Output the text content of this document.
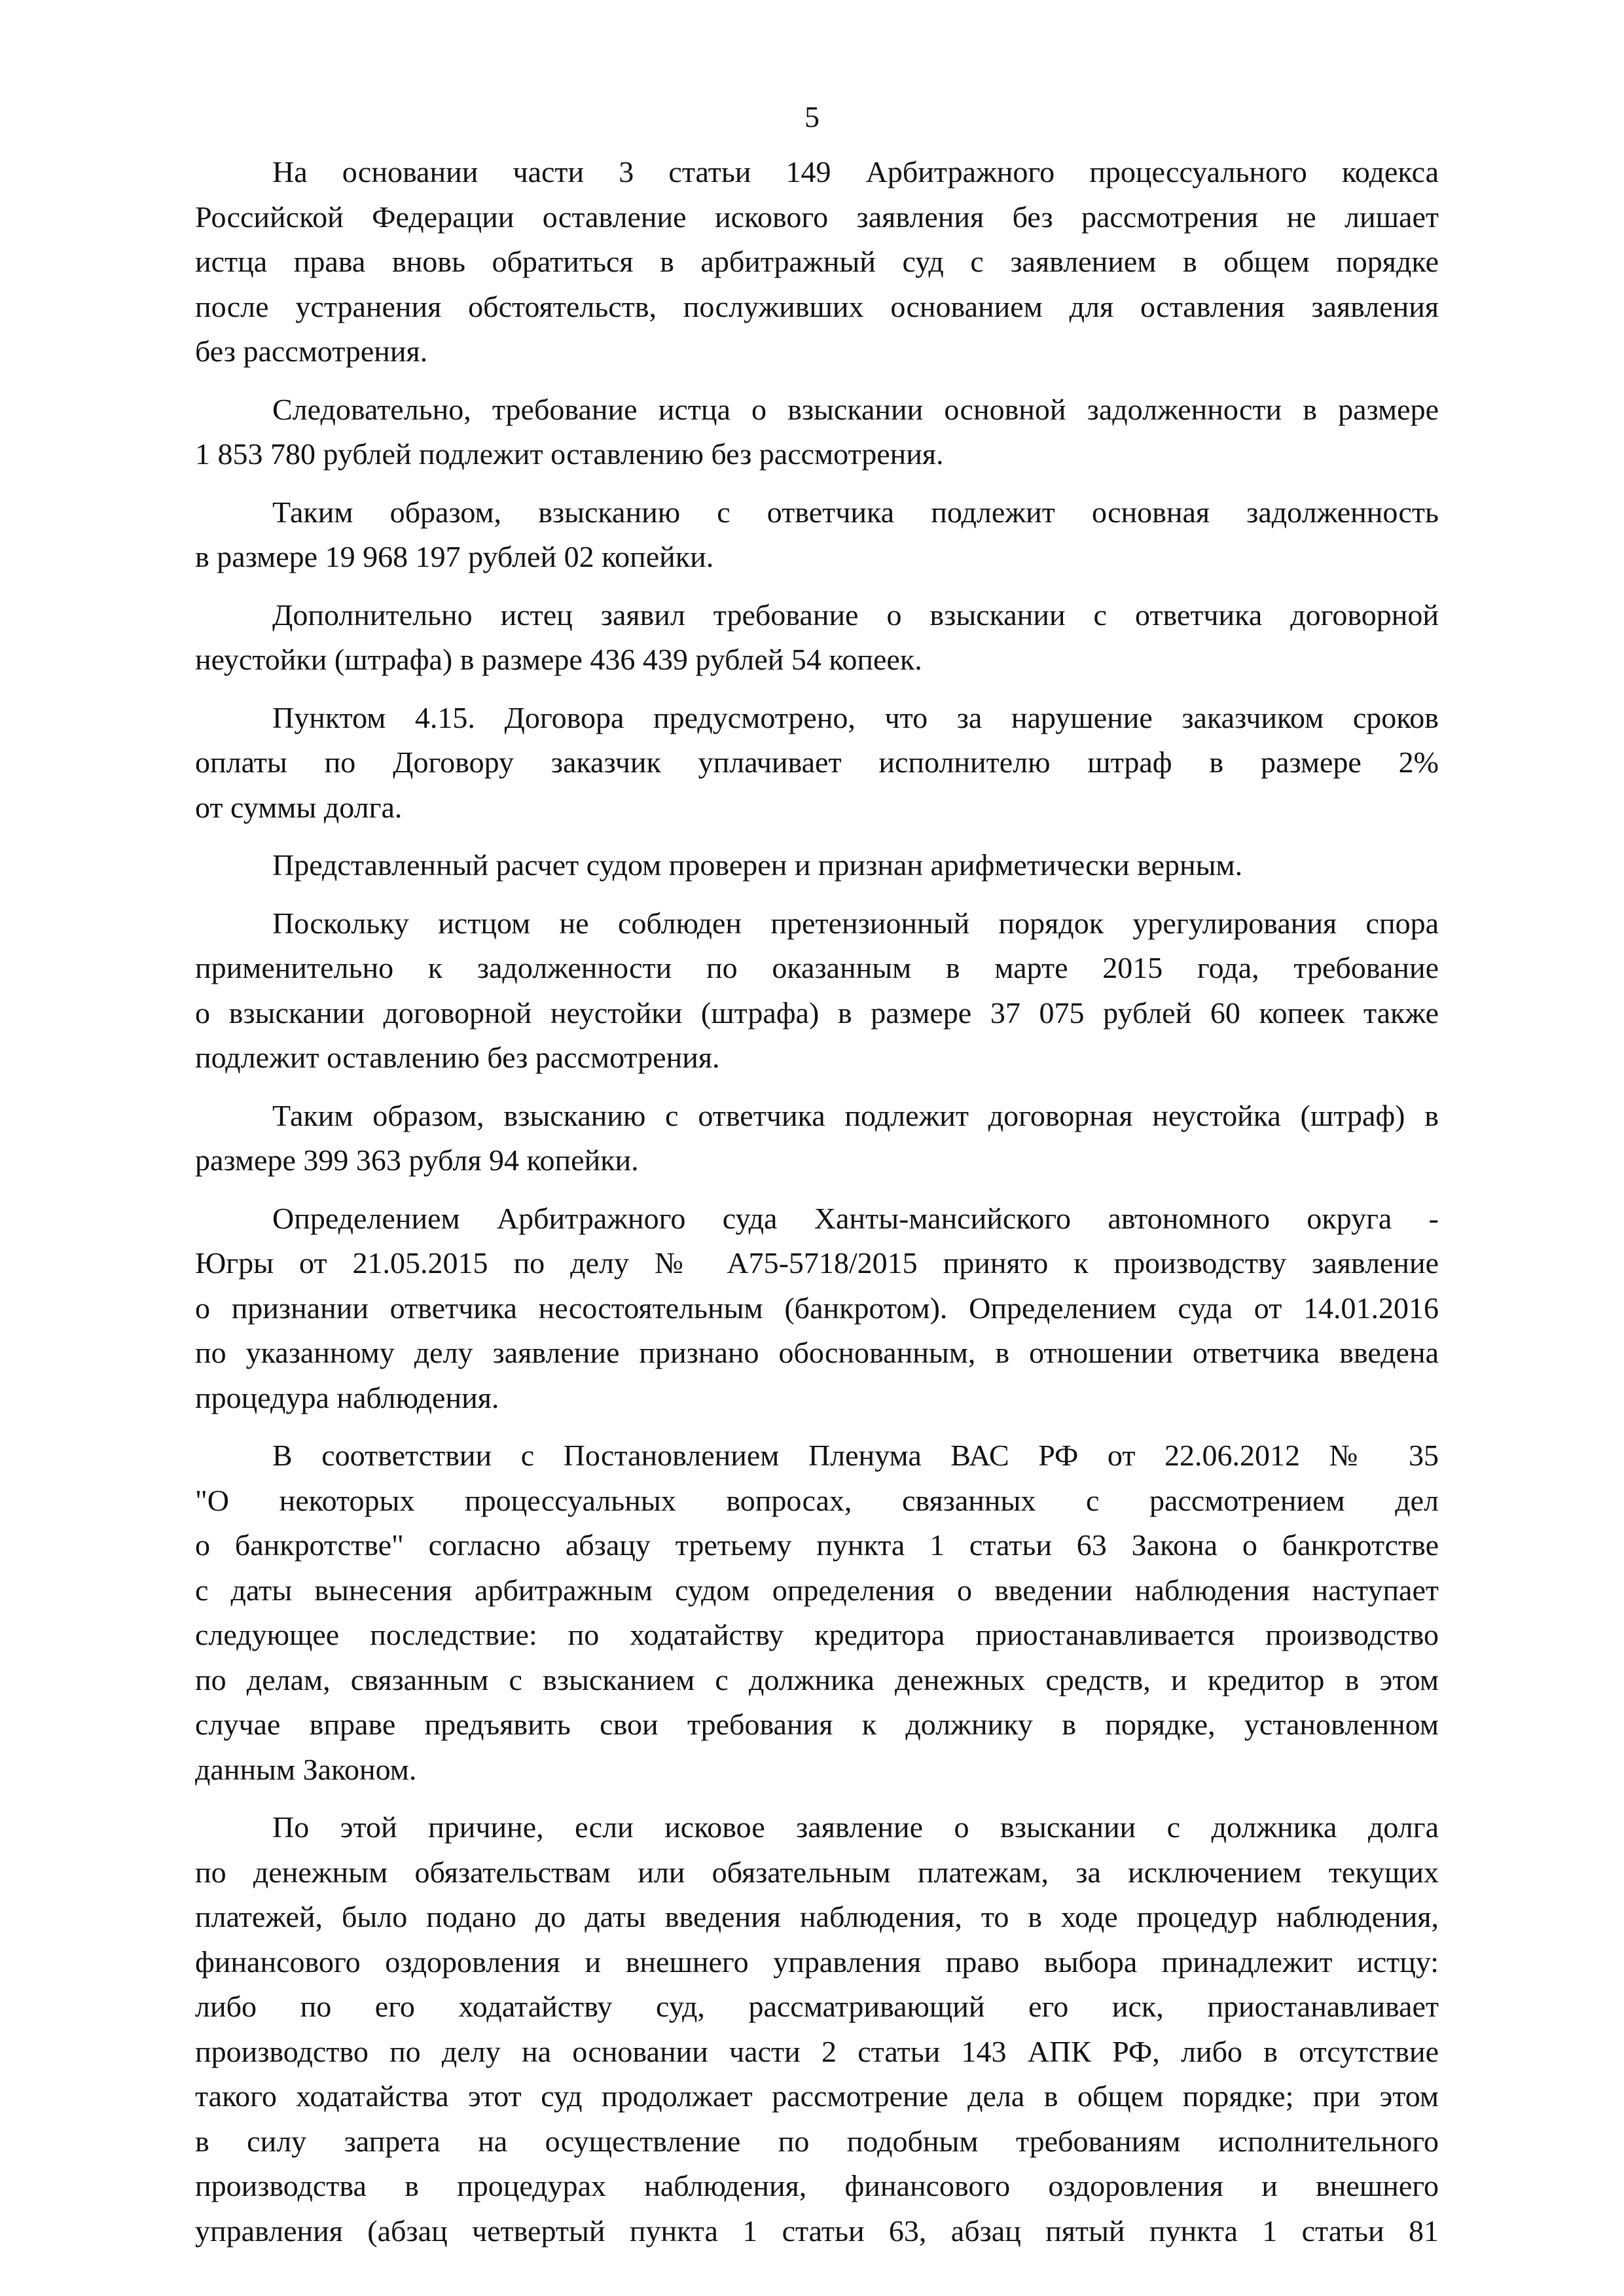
5
На основании части 3 статьи 149 Арбитражного процессуального кодекса
Российской Федерации оставление искового заявления без рассмотрения не лишает
истца права вновь обратиться в арбитражный суд с заявлением в общем порядке
после устранения обстоятельств, послуживших основанием для оставления заявления
без рассмотрения.
Следовательно, требование истца о взыскании основной задолженности в размере
1 853 780 рублей подлежит оставлению без рассмотрения.
Таким образом, взысканию с ответчика подлежит основная задолженность
в размере 19 968 197 рублей 02 копейки.
Дополнительно истец заявил требование о взыскании с ответчика договорной
неустойки (штрафа) в размере 436 439 рублей 54 копеек.
Пунктом 4.15. Договора предусмотрено, что за нарушение заказчиком сроков
оплаты по Договору заказчик уплачивает исполнителю штраф в размере 2%
от суммы долга.
Представленный расчет судом проверен и признан арифметически верным.
Поскольку истцом не соблюден претензионный порядок урегулирования спора
применительно к задолженности по оказанным в марте 2015 года, требование
о взыскании договорной неустойки (штрафа) в размере 37 075 рублей 60 копеек также
подлежит оставлению без рассмотрения.
Таким образом, взысканию с ответчика подлежит договорная неустойка (штраф) в
размере 399 363 рубля 94 копейки.
Определением Арбитражного суда Ханты-мансийского автономного округа -
Югры от 21.05.2015 по делу № А75-5718/2015 принято к производству заявление
о признании ответчика несостоятельным (банкротом). Определением суда от 14.01.2016
по указанному делу заявление признано обоснованным, в отношении ответчика введена
процедура наблюдения.
В соответствии с Постановлением Пленума ВАС РФ от 22.06.2012 № 35
"О некоторых процессуальных вопросах, связанных с рассмотрением дел
о банкротстве" согласно абзацу третьему пункта 1 статьи 63 Закона о банкротстве
с даты вынесения арбитражным судом определения о введении наблюдения наступает
следующее последствие: по ходатайству кредитора приостанавливается производство
по делам, связанным с взысканием с должника денежных средств, и кредитор в этом
случае вправе предъявить свои требования к должнику в порядке, установленном
данным Законом.
По этой причине, если исковое заявление о взыскании с должника долга
по денежным обязательствам или обязательным платежам, за исключением текущих
платежей, было подано до даты введения наблюдения, то в ходе процедур наблюдения,
финансового оздоровления и внешнего управления право выбора принадлежит истцу:
либо по его ходатайству суд, рассматривающий его иск, приостанавливает
производство по делу на основании части 2 статьи 143 АПК РФ, либо в отсутствие
такого ходатайства этот суд продолжает рассмотрение дела в общем порядке; при этом
в силу запрета на осуществление по подобным требованиям исполнительного
производства в процедурах наблюдения, финансового оздоровления и внешнего
управления (абзац четвертый пункта 1 статьи 63, абзац пятый пункта 1 статьи 81
